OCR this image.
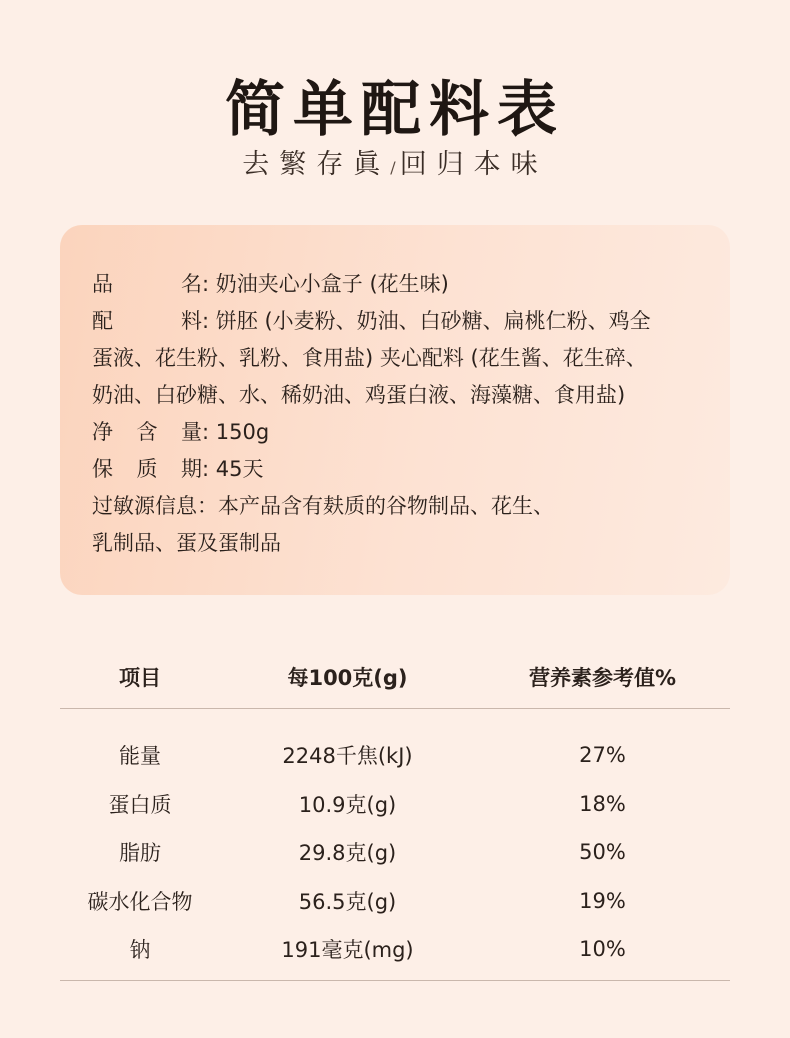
简单配料表
去繁存眞/回归本味
品 名: 奶油夹心小盒子 (花生味)
配 料: 饼胚 (小麦粉、奶油、白砂糖、扁桃仁粉、鸡全
蛋液、花生粉、乳粉、食用盐) 夹心配料 (花生酱、花生碎、
奶油、白砂糖、水、稀奶油、鸡蛋白液、海藻糖、食用盐)
净 含 量: 150g
保 质 期: 45天
过敏源信息：本产品含有麸质的谷物制品、花生、
乳制品、蛋及蛋制品
项目	每100克(g)	营养素参考值%
能量	2248千焦(kJ)	27%
蛋白质	10.9克(g)	18%
脂肪	29.8克(g)	50%
碳水化合物	56.5克(g)	19%
钠	191毫克(mg)	10%
